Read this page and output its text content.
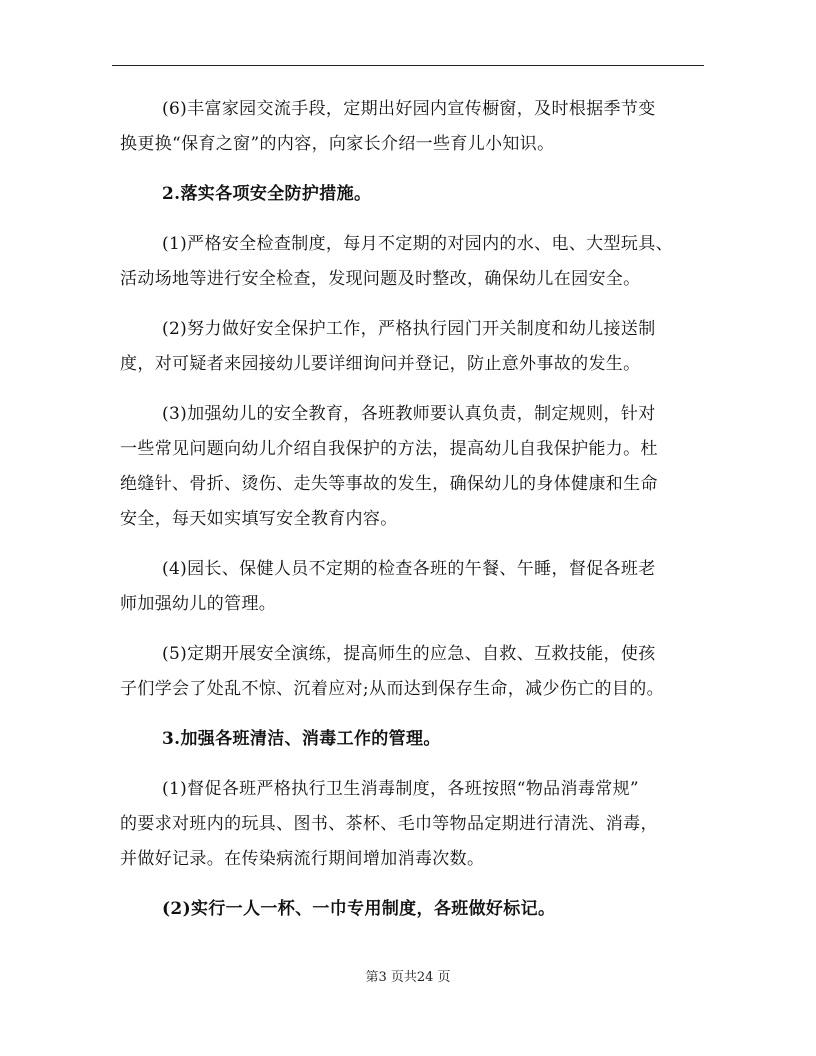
(6)丰富家园交流手段，定期出好园内宣传橱窗，及时根据季节变
换更换“保育之窗”的内容，向家长介绍一些育儿小知识。
2.落实各项安全防护措施。
(1)严格安全检查制度，每月不定期的对园内的水、电、大型玩具、
活动场地等进行安全检查，发现问题及时整改，确保幼儿在园安全。
(2)努力做好安全保护工作，严格执行园门开关制度和幼儿接送制
度，对可疑者来园接幼儿要详细询问并登记，防止意外事故的发生。
(3)加强幼儿的安全教育，各班教师要认真负责，制定规则，针对
一些常见问题向幼儿介绍自我保护的方法，提高幼儿自我保护能力。杜
绝缝针、骨折、烫伤、走失等事故的发生，确保幼儿的身体健康和生命
安全，每天如实填写安全教育内容。
(4)园长、保健人员不定期的检查各班的午餐、午睡，督促各班老
师加强幼儿的管理。
(5)定期开展安全演练，提高师生的应急、自救、互救技能，使孩
子们学会了处乱不惊、沉着应对;从而达到保存生命，减少伤亡的目的。
3.加强各班清洁、消毒工作的管理。
(1)督促各班严格执行卫生消毒制度，各班按照“物品消毒常规”
的要求对班内的玩具、图书、茶杯、毛巾等物品定期进行清洗、消毒，
并做好记录。在传染病流行期间增加消毒次数。
(2)实行一人一杯、一巾专用制度，各班做好标记。
第3 页共24 页
